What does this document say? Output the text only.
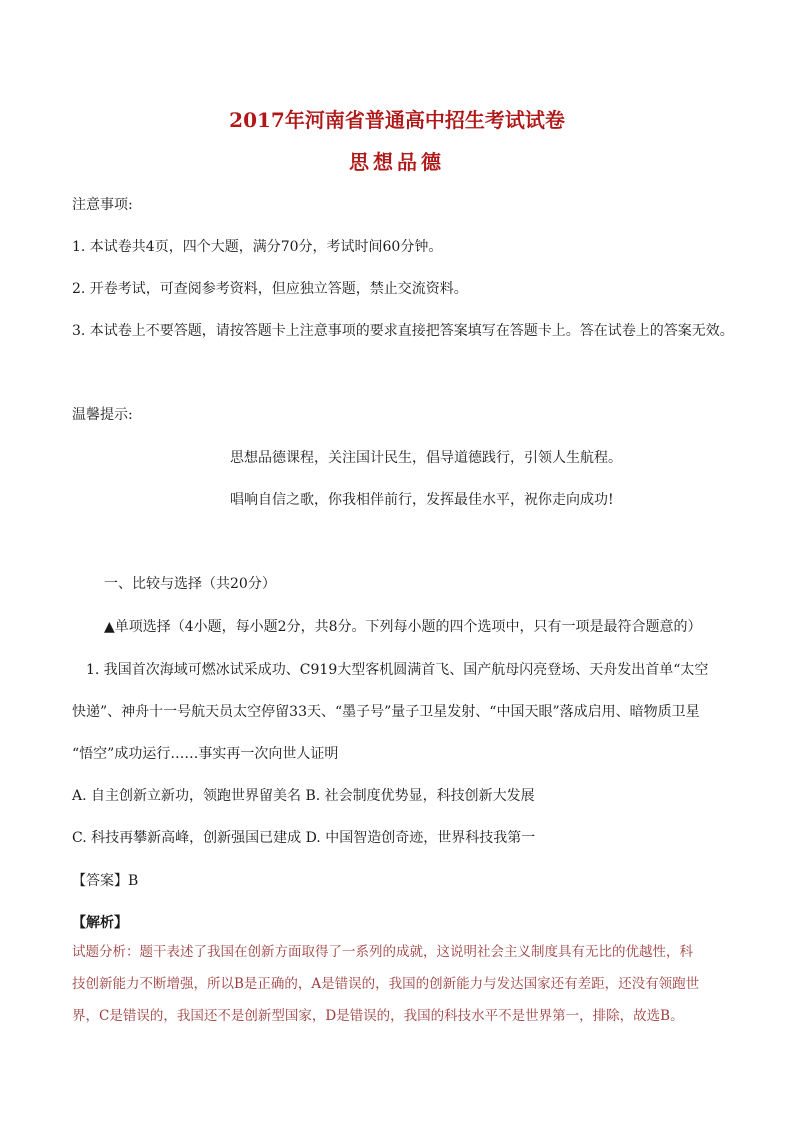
2017年河南省普通高中招生考试试卷
思想品德
注意事项:
1. 本试卷共4页，四个大题，满分70分，考试时间60分钟。
2. 开卷考试，可查阅参考资料，但应独立答题，禁止交流资料。
3. 本试卷上不要答题，请按答题卡上注意事项的要求直接把答案填写在答题卡上。答在试卷上的答案无效。
温馨提示:
思想品德课程，关注国计民生，倡导道德践行，引领人生航程。
唱响自信之歌，你我相伴前行，发挥最佳水平，祝你走向成功!
一、比较与选择（共20分）
▲单项选择（4小题，每小题2分，共8分。下列每小题的四个选项中，只有一项是最符合题意的）
1. 我国首次海域可燃冰试采成功、C919大型客机圆满首飞、国产航母闪亮登场、天舟发出首单“太空
快递”、神舟十一号航天员太空停留33天、“墨子号”量子卫星发射、“中国天眼”落成启用、暗物质卫星
“悟空”成功运行……事实再一次向世人证明
A. 自主创新立新功，领跑世界留美名 B. 社会制度优势显，科技创新大发展
C. 科技再攀新高峰，创新强国已建成 D. 中国智造创奇迹，世界科技我第一
【答案】B
【解析】
试题分析：题干表述了我国在创新方面取得了一系列的成就，这说明社会主义制度具有无比的优越性，科
技创新能力不断增强，所以B是正确的，A是错误的，我国的创新能力与发达国家还有差距，还没有领跑世
界，C是错误的，我国还不是创新型国家，D是错误的，我国的科技水平不是世界第一，排除，故选B。
